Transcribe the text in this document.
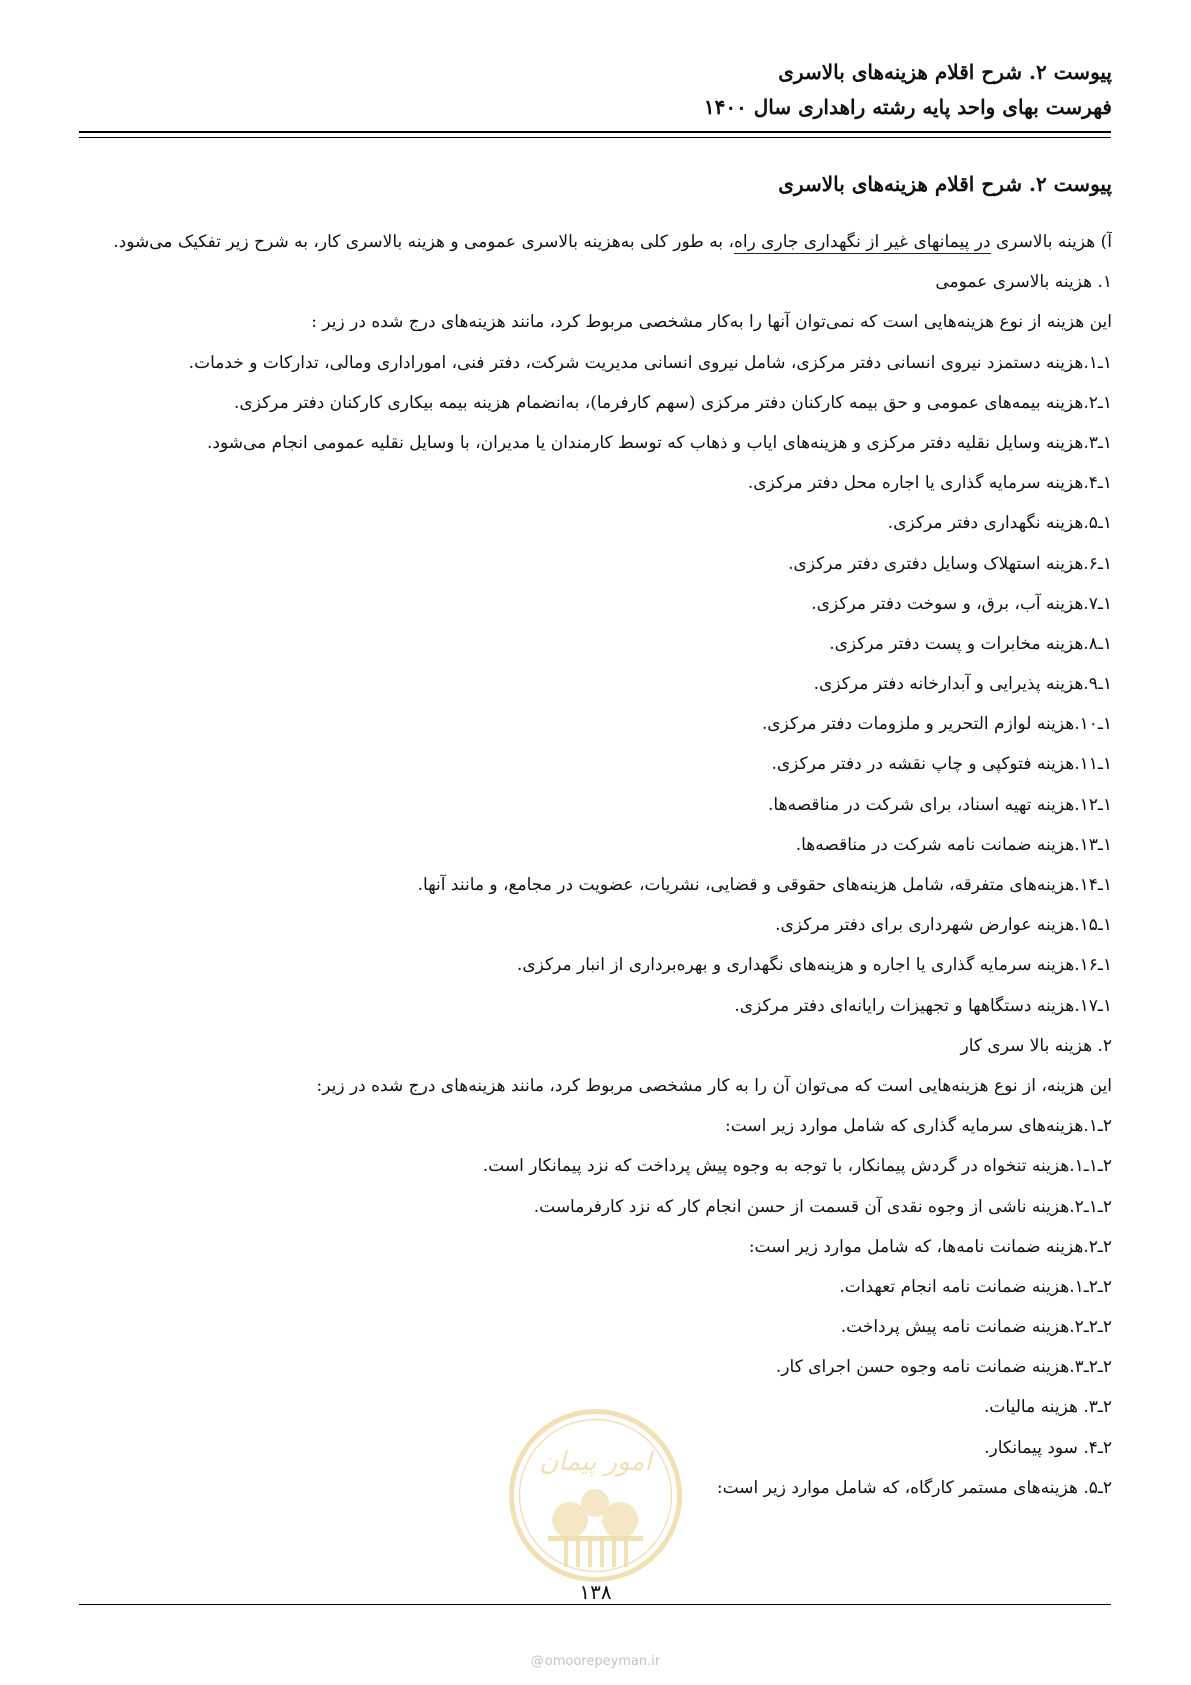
پیوست ۲. شرح اقلام هزینه‌های بالاسری
فهرست بهای واحد پایه رشته راهداری سال ۱۴۰۰
پیوست ۲. شرح اقلام هزینه‌های بالاسری

آ) هزینه بالاسری در پیمانهای غیر از نگهداری جاری راه، به طور کلی به‌هزینه بالاسری عمومی و هزینه بالاسری کار، به شرح زیر تفکیک می‌شود.

۱. هزینه بالاسری عمومی

این هزینه از نوع هزینه‌هایی است که نمی‌توان آنها را به‌کار مشخصی مربوط کرد، مانند هزینه‌های درج شده در زیر :

۱ـ۱.هزینه دستمزد نیروی انسانی دفتر مرکزی، شامل نیروی انسانی مدیریت شرکت، دفتر فنی، اموراداری ومالی، تدارکات و خدمات.

۱ـ۲.هزینه بیمه‌های عمومی و حق بیمه کارکنان دفتر مرکزی (سهم کارفرما)، به‌انضمام هزینه بیمه بیکاری کارکنان دفتر مرکزی.

۱ـ۳.هزینه وسایل نقلیه دفتر مرکزی و هزینه‌های ایاب و ذهاب که توسط کارمندان یا مدیران، با وسایل نقلیه عمومی انجام می‌شود.

۱ـ۴.هزینه سرمایه گذاری یا اجاره محل دفتر مرکزی.

۱ـ۵.هزینه نگهداری دفتر مرکزی.

۱ـ۶.هزینه استهلاک وسایل دفتری دفتر مرکزی.

۱ـ۷.هزینه آب، برق، و سوخت دفتر مرکزی.

۱ـ۸.هزینه مخابرات و پست دفتر مرکزی.

۱ـ۹.هزینه پذیرایی و آبدارخانه دفتر مرکزی.

۱ـ۱۰.هزینه لوازم التحریر و ملزومات دفتر مرکزی.

۱ـ۱۱.هزینه فتوکپی و چاپ نقشه در دفتر مرکزی.

۱ـ۱۲.هزینه تهیه اسناد، برای شرکت در مناقصه‌ها.

۱ـ۱۳.هزینه ضمانت نامه شرکت در مناقصه‌ها.

۱ـ۱۴.هزینه‌های متفرقه، شامل هزینه‌های حقوقی و قضایی، نشریات، عضویت در مجامع، و مانند آنها.

۱ـ۱۵.هزینه عوارض شهرداری برای دفتر مرکزی.

۱ـ۱۶.هزینه سرمایه گذاری یا اجاره و هزینه‌های نگهداری و بهره‌برداری از انبار مرکزی.

۱ـ۱۷.هزینه دستگاهها و تجهیزات رایانه‌ای دفتر مرکزی.

۲. هزینه بالا سری کار

این هزینه، از نوع هزینه‌هایی است که می‌توان آن را به کار مشخصی مربوط کرد، مانند هزینه‌های درج شده در زیر:

۲ـ۱.هزینه‌های سرمایه گذاری که شامل موارد زیر است:

۲ـ۱ـ۱.هزینه تنخواه در گردش پیمانکار، با توجه به وجوه پیش پرداخت که نزد پیمانکار است.

۲ـ۱ـ۲.هزینه ناشی از وجوه نقدی آن قسمت از حسن انجام کار که نزد کارفرماست.

۲ـ۲.هزینه ضمانت نامه‌ها، که شامل موارد زیر است:

۲ـ۲ـ۱.هزینه ضمانت نامه انجام تعهدات.

۲ـ۲ـ۲.هزینه ضمانت نامه پیش پرداخت.

۲ـ۲ـ۳.هزینه ضمانت نامه وجوه حسن اجرای کار.

۲ـ۳. هزینه مالیات.

۲ـ۴. سود پیمانکار.

۲ـ۵. هزینه‌های مستمر کارگاه، که شامل موارد زیر است:

امور پیمان
۱۳۸
@omoorepeyman.ir
